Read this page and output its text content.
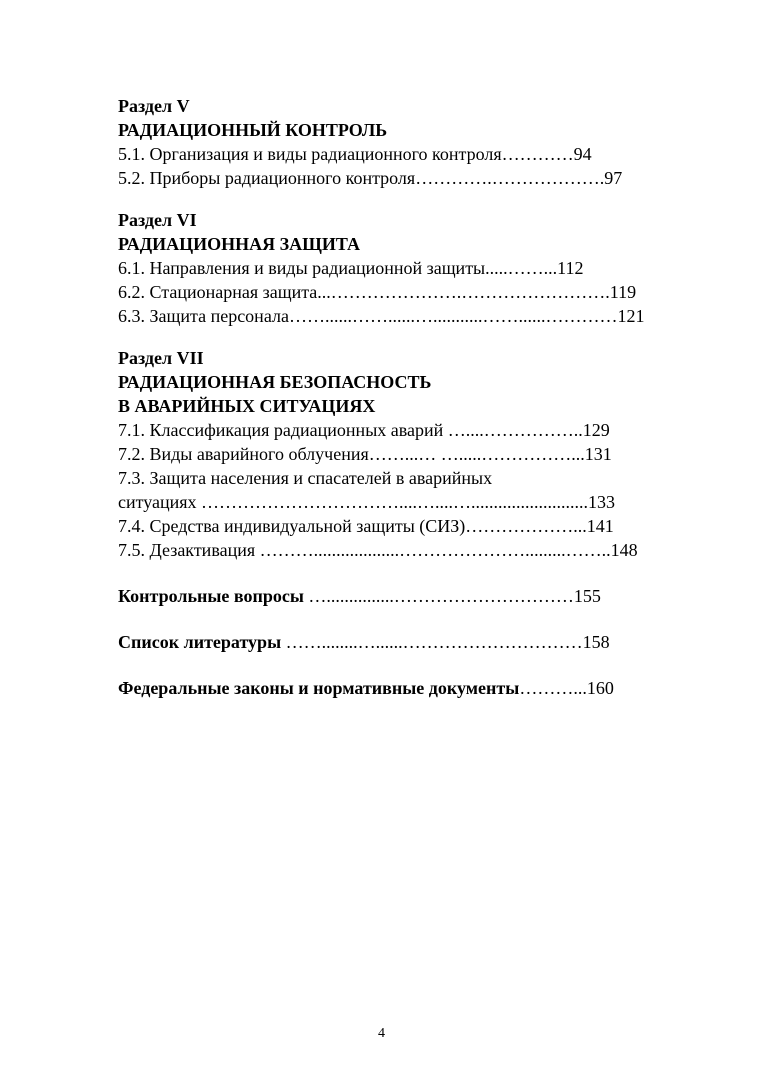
Раздел V
РАДИАЦИОННЫЙ КОНТРОЛЬ
5.1. Организация и виды радиационного контроля…………94
5.2. Приборы радиационного контроля………….……………….97
Раздел VI
РАДИАЦИОННАЯ ЗАЩИТА
6.1. Направления и виды радиационной защиты.....……...112
6.2. Стационарная защита...………………….…………………….119
6.3. Защита персонала……......……......…...........……......…………121
Раздел VII
РАДИАЦИОННАЯ БЕЗОПАСНОСТЬ
В АВАРИЙНЫХ СИТУАЦИЯХ
7.1. Классификация радиационных аварий …....……………..129
7.2. Виды аварийного облучения……...… ….....……………...131
7.3. Защита населения и спасателей в аварийных
ситуациях ……………………………....…....…..........................133
7.4. Средства индивидуальной защиты (СИЗ)………………...141
7.5. Дезактивация ………...................………………….........……..148
Контрольные вопросы …...............…………………………155
Список литературы ……........…......…………………………158
Федеральные законы и нормативные документы………...160
4
